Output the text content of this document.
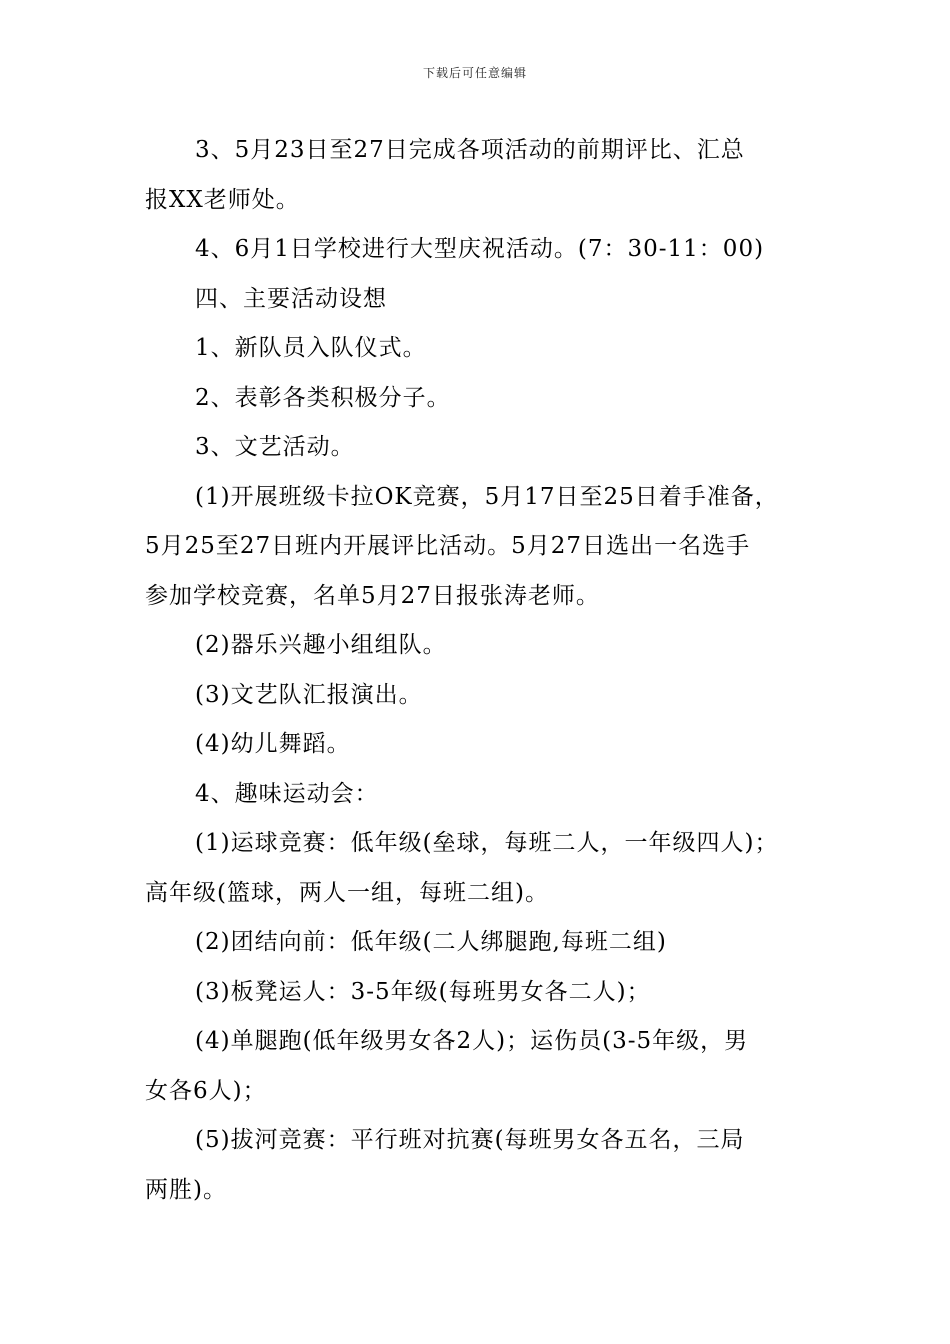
下载后可任意编辑

3、5月23日至27日完成各项活动的前期评比、汇总

报XX老师处。

4、6月1日学校进行大型庆祝活动。(7：30-11：00)

四、主要活动设想

1、新队员入队仪式。

2、表彰各类积极分子。

3、文艺活动。

(1)开展班级卡拉OK竞赛，5月17日至25日着手准备，

5月25至27日班内开展评比活动。5月27日选出一名选手

参加学校竞赛，名单5月27日报张涛老师。

(2)器乐兴趣小组组队。

(3)文艺队汇报演出。

(4)幼儿舞蹈。

4、趣味运动会：

(1)运球竞赛：低年级(垒球，每班二人，一年级四人)；

高年级(篮球，两人一组，每班二组)。

(2)团结向前：低年级(二人绑腿跑,每班二组)

(3)板凳运人：3-5年级(每班男女各二人)；

(4)单腿跑(低年级男女各2人)；运伤员(3-5年级，男

女各6人)；

(5)拔河竞赛：平行班对抗赛(每班男女各五名，三局

两胜)。
